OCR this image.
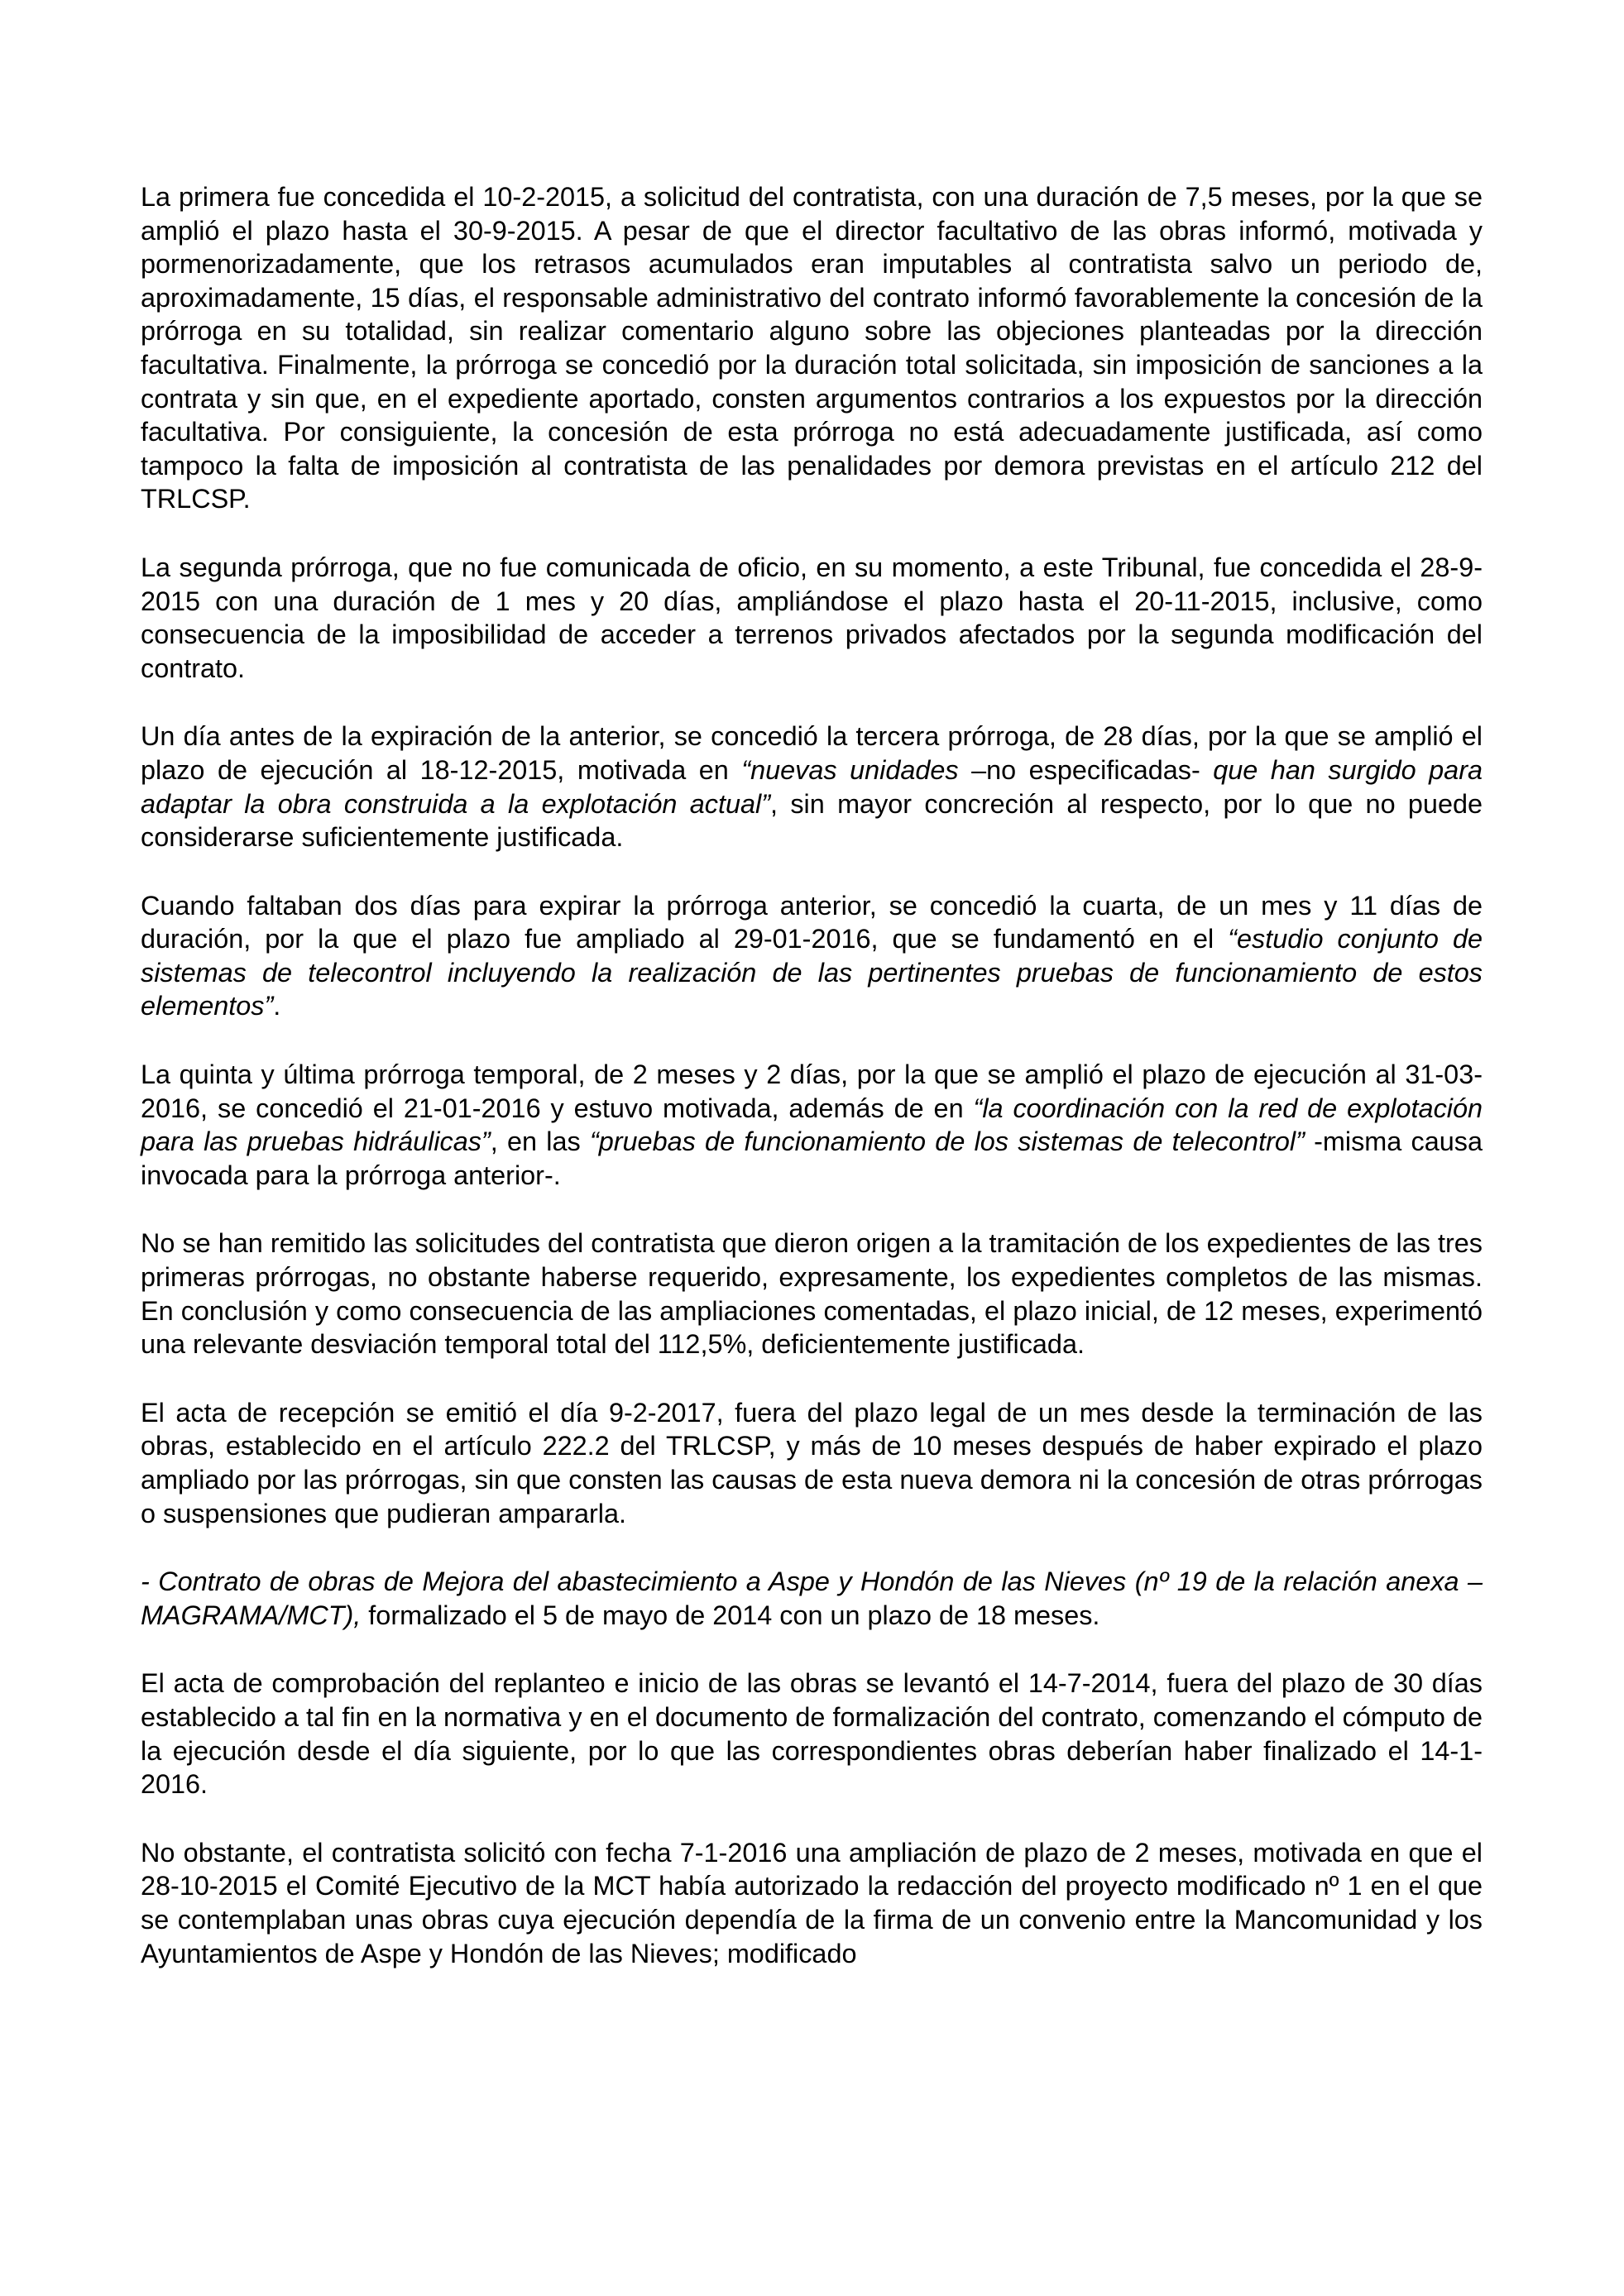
La primera fue concedida el 10-2-2015, a solicitud del contratista, con una duración de 7,5 meses, por la que se amplió el plazo hasta el 30-9-2015. A pesar de que el director facultativo de las obras informó, motivada y pormenorizadamente, que los retrasos acumulados eran imputables al contratista salvo un periodo de, aproximadamente, 15 días, el responsable administrativo del contrato informó favorablemente la concesión de la prórroga en su totalidad, sin realizar comentario alguno sobre las objeciones planteadas por la dirección facultativa. Finalmente, la prórroga se concedió por la duración total solicitada, sin imposición de sanciones a la contrata y sin que, en el expediente aportado, consten argumentos contrarios a los expuestos por la dirección facultativa. Por consiguiente, la concesión de esta prórroga no está adecuadamente justificada, así como tampoco la falta de imposición al contratista de las penalidades por demora previstas en el artículo 212 del TRLCSP.

La segunda prórroga, que no fue comunicada de oficio, en su momento, a este Tribunal, fue concedida el 28-9-2015 con una duración de 1 mes y 20 días, ampliándose el plazo hasta el 20-11-2015, inclusive, como consecuencia de la imposibilidad de acceder a terrenos privados afectados por la segunda modificación del contrato.

Un día antes de la expiración de la anterior, se concedió la tercera prórroga, de 28 días, por la que se amplió el plazo de ejecución al 18-12-2015, motivada en “nuevas unidades –no especificadas- que han surgido para adaptar la obra construida a la explotación actual”, sin mayor concreción al respecto, por lo que no puede considerarse suficientemente justificada.

Cuando faltaban dos días para expirar la prórroga anterior, se concedió la cuarta, de un mes y 11 días de duración, por la que el plazo fue ampliado al 29-01-2016, que se fundamentó en el “estudio conjunto de sistemas de telecontrol incluyendo la realización de las pertinentes pruebas de funcionamiento de estos elementos”.

La quinta y última prórroga temporal, de 2 meses y 2 días, por la que se amplió el plazo de ejecución al 31-03-2016, se concedió el 21-01-2016 y estuvo motivada, además de en “la coordinación con la red de explotación para las pruebas hidráulicas”, en las “pruebas de funcionamiento de los sistemas de telecontrol” -misma causa invocada para la prórroga anterior-.

No se han remitido las solicitudes del contratista que dieron origen a la tramitación de los expedientes de las tres primeras prórrogas, no obstante haberse requerido, expresamente, los expedientes completos de las mismas. En conclusión y como consecuencia de las ampliaciones comentadas, el plazo inicial, de 12 meses, experimentó una relevante desviación temporal total del 112,5%, deficientemente justificada.

El acta de recepción se emitió el día 9-2-2017, fuera del plazo legal de un mes desde la terminación de las obras, establecido en el artículo 222.2 del TRLCSP, y más de 10 meses después de haber expirado el plazo ampliado por las prórrogas, sin que consten las causas de esta nueva demora ni la concesión de otras prórrogas o suspensiones que pudieran ampararla.

- Contrato de obras de Mejora del abastecimiento a Aspe y Hondón de las Nieves (nº 19 de la relación anexa – MAGRAMA/MCT), formalizado el 5 de mayo de 2014 con un plazo de 18 meses.

El acta de comprobación del replanteo e inicio de las obras se levantó el 14-7-2014, fuera del plazo de 30 días establecido a tal fin en la normativa y en el documento de formalización del contrato, comenzando el cómputo de la ejecución desde el día siguiente, por lo que las correspondientes obras deberían haber finalizado el 14-1-2016.

No obstante, el contratista solicitó con fecha 7-1-2016 una ampliación de plazo de 2 meses, motivada en que el 28-10-2015 el Comité Ejecutivo de la MCT había autorizado la redacción del proyecto modificado nº 1 en el que se contemplaban unas obras cuya ejecución dependía de la firma de un convenio entre la Mancomunidad y los Ayuntamientos de Aspe y Hondón de las Nieves; modificado
